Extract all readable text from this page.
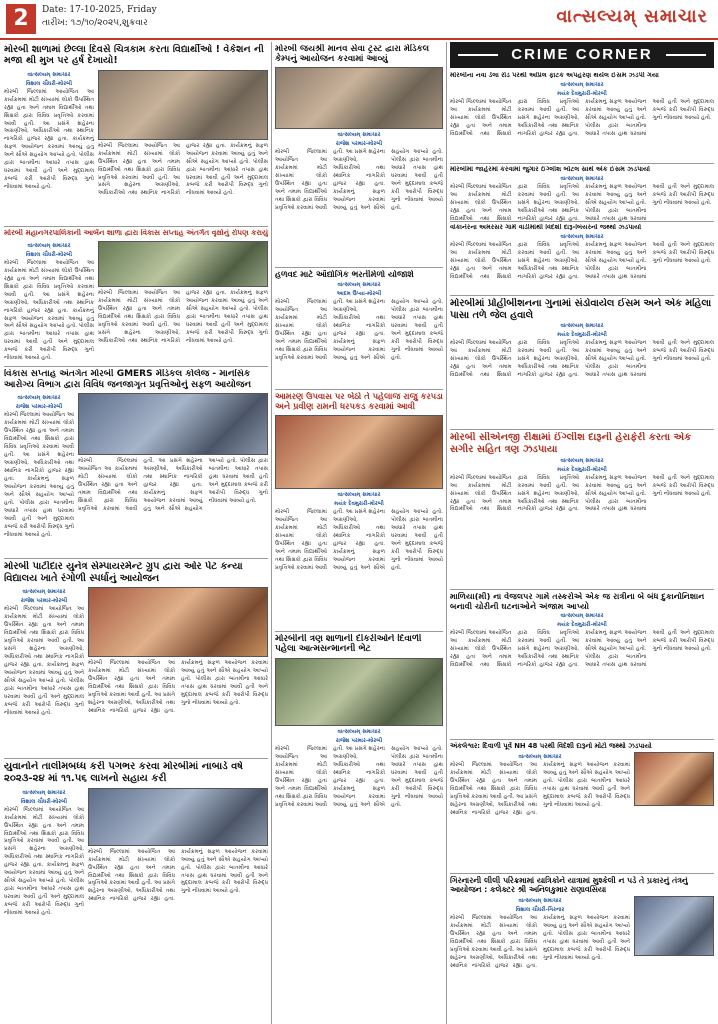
2	Date: 17-10-2025, Friday
તારીખ: ૧૭/૧૦/૨૦૨૫,શુક્રવાર	વાત્સલ્યમ્ સમાચાર
CRIME CORNER
મોરબી શાળામાં છેલ્લા દિવસે ચિત્રકામ કરતા વિદ્યાર્થીઓ ! વેકેશન ની મજા થી મુખ પર હર્ષ દેખાયો!
વાત્સલ્યમ્ સમાચાર
વિશાલ ચૌધરી-મોરબી
મોરબી જિલ્લામાં આયોજિત આ કાર્યક્રમમાં મોટી સંખ્યામાં લોકો ઉપસ્થિત રહ્યા હતા અને તમામ વિદ્યાર્થીઓ તથા શિક્ષકો દ્વારા વિવિધ પ્રવૃત્તિઓ કરવામાં આવી હતી. આ પ્રસંગે શહેરના અગ્રણીઓ, અધિકારીઓ તથા સ્થાનિક નાગરિકો હાજર રહ્યા હતા. કાર્યક્રમનું સફળ આયોજન કરવામાં આવ્યું હતું અને સૌએ સહયોગ આપ્યો હતો. પોલીસ દ્વારા બાતમીના આધારે તપાસ હાથ ધરવામાં આવી હતી અને મુદ્દામાલ કબજે કરી આરોપી વિરુદ્ધ ગુનો નોંધવામાં આવ્યો હતો.
મોરબી જિલ્લામાં આયોજિત આ કાર્યક્રમમાં મોટી સંખ્યામાં લોકો ઉપસ્થિત રહ્યા હતા અને તમામ વિદ્યાર્થીઓ તથા શિક્ષકો દ્વારા વિવિધ પ્રવૃત્તિઓ કરવામાં આવી હતી. આ પ્રસંગે શહેરના અગ્રણીઓ, અધિકારીઓ તથા સ્થાનિક નાગરિકો હાજર રહ્યા હતા. કાર્યક્રમનું સફળ આયોજન કરવામાં આવ્યું હતું અને સૌએ સહયોગ આપ્યો હતો. પોલીસ દ્વારા બાતમીના આધારે તપાસ હાથ ધરવામાં આવી હતી અને મુદ્દામાલ કબજે કરી આરોપી વિરુદ્ધ ગુનો નોંધવામાં આવ્યો હતો.
મોરબી મહાનગરપાલિકાની આર્બન શાળા દ્વારા વિકાસ સપ્તાહ અંતર્ગત વૃક્ષોનું રોપણ કરાયું
વાત્સલ્યમ્ સમાચાર
વિશાલ ચૌધરી-મોરબી
મોરબી જિલ્લામાં આયોજિત આ કાર્યક્રમમાં મોટી સંખ્યામાં લોકો ઉપસ્થિત રહ્યા હતા અને તમામ વિદ્યાર્થીઓ તથા શિક્ષકો દ્વારા વિવિધ પ્રવૃત્તિઓ કરવામાં આવી હતી. આ પ્રસંગે શહેરના અગ્રણીઓ, અધિકારીઓ તથા સ્થાનિક નાગરિકો હાજર રહ્યા હતા. કાર્યક્રમનું સફળ આયોજન કરવામાં આવ્યું હતું અને સૌએ સહયોગ આપ્યો હતો. પોલીસ દ્વારા બાતમીના આધારે તપાસ હાથ ધરવામાં આવી હતી અને મુદ્દામાલ કબજે કરી આરોપી વિરુદ્ધ ગુનો નોંધવામાં આવ્યો હતો.
મોરબી જિલ્લામાં આયોજિત આ કાર્યક્રમમાં મોટી સંખ્યામાં લોકો ઉપસ્થિત રહ્યા હતા અને તમામ વિદ્યાર્થીઓ તથા શિક્ષકો દ્વારા વિવિધ પ્રવૃત્તિઓ કરવામાં આવી હતી. આ પ્રસંગે શહેરના અગ્રણીઓ, અધિકારીઓ તથા સ્થાનિક નાગરિકો હાજર રહ્યા હતા. કાર્યક્રમનું સફળ આયોજન કરવામાં આવ્યું હતું અને સૌએ સહયોગ આપ્યો હતો. પોલીસ દ્વારા બાતમીના આધારે તપાસ હાથ ધરવામાં આવી હતી અને મુદ્દામાલ કબજે કરી આરોપી વિરુદ્ધ ગુનો નોંધવામાં આવ્યો હતો.
વિકાસ સપ્તાહ અંતર્ગત મોરબી GMERS મેડિકલ કોલેજ - માનસિક આરોગ્ય વિભાગ દ્વારા વિવિધ જનજાગૃત પ્રવૃત્તિઓનું સફળ આયોજન
વાત્સલ્યમ્ સમાચાર
રાજેશ પરમાર-મોરબી
મોરબી જિલ્લામાં આયોજિત આ કાર્યક્રમમાં મોટી સંખ્યામાં લોકો ઉપસ્થિત રહ્યા હતા અને તમામ વિદ્યાર્થીઓ તથા શિક્ષકો દ્વારા વિવિધ પ્રવૃત્તિઓ કરવામાં આવી હતી. આ પ્રસંગે શહેરના અગ્રણીઓ, અધિકારીઓ તથા સ્થાનિક નાગરિકો હાજર રહ્યા હતા. કાર્યક્રમનું સફળ આયોજન કરવામાં આવ્યું હતું અને સૌએ સહયોગ આપ્યો હતો. પોલીસ દ્વારા બાતમીના આધારે તપાસ હાથ ધરવામાં આવી હતી અને મુદ્દામાલ કબજે કરી આરોપી વિરુદ્ધ ગુનો નોંધવામાં આવ્યો હતો.
મોરબી જિલ્લામાં આયોજિત આ કાર્યક્રમમાં મોટી સંખ્યામાં લોકો ઉપસ્થિત રહ્યા હતા અને તમામ વિદ્યાર્થીઓ તથા શિક્ષકો દ્વારા વિવિધ પ્રવૃત્તિઓ કરવામાં આવી હતી. આ પ્રસંગે શહેરના અગ્રણીઓ, અધિકારીઓ તથા સ્થાનિક નાગરિકો હાજર રહ્યા હતા. કાર્યક્રમનું સફળ આયોજન કરવામાં આવ્યું હતું અને સૌએ સહયોગ આપ્યો હતો. પોલીસ દ્વારા બાતમીના આધારે તપાસ હાથ ધરવામાં આવી હતી અને મુદ્દામાલ કબજે કરી આરોપી વિરુદ્ધ ગુનો નોંધવામાં આવ્યો હતો.
મોરબી પાટીદાર યુનેત્ર સેમ્પાયરમેન્ટ ગ્રુપ દ્વારા ઓર પેટ કન્યા વિદ્યાલય ખાતે રંગોળી સ્પર્ધાનું આયોજન
વાત્સલ્યમ્ સમાચાર
રાજેશ પરમાર-મોરબી
મોરબી જિલ્લામાં આયોજિત આ કાર્યક્રમમાં મોટી સંખ્યામાં લોકો ઉપસ્થિત રહ્યા હતા અને તમામ વિદ્યાર્થીઓ તથા શિક્ષકો દ્વારા વિવિધ પ્રવૃત્તિઓ કરવામાં આવી હતી. આ પ્રસંગે શહેરના અગ્રણીઓ, અધિકારીઓ તથા સ્થાનિક નાગરિકો હાજર રહ્યા હતા. કાર્યક્રમનું સફળ આયોજન કરવામાં આવ્યું હતું અને સૌએ સહયોગ આપ્યો હતો. પોલીસ દ્વારા બાતમીના આધારે તપાસ હાથ ધરવામાં આવી હતી અને મુદ્દામાલ કબજે કરી આરોપી વિરુદ્ધ ગુનો નોંધવામાં આવ્યો હતો.
મોરબી જિલ્લામાં આયોજિત આ કાર્યક્રમમાં મોટી સંખ્યામાં લોકો ઉપસ્થિત રહ્યા હતા અને તમામ વિદ્યાર્થીઓ તથા શિક્ષકો દ્વારા વિવિધ પ્રવૃત્તિઓ કરવામાં આવી હતી. આ પ્રસંગે શહેરના અગ્રણીઓ, અધિકારીઓ તથા સ્થાનિક નાગરિકો હાજર રહ્યા હતા. કાર્યક્રમનું સફળ આયોજન કરવામાં આવ્યું હતું અને સૌએ સહયોગ આપ્યો હતો. પોલીસ દ્વારા બાતમીના આધારે તપાસ હાથ ધરવામાં આવી હતી અને મુદ્દામાલ કબજે કરી આરોપી વિરુદ્ધ ગુનો નોંધવામાં આવ્યો હતો.
યુવાનોને તાલીમબધ્ધ કરી પગભર કરવા મોરબીમાં નાબાર્ડ વર્ષ ૨૦૨૩-૨૪ માં ૧૧.૫૬ લાખનો સહાય કરી
વાત્સલ્યમ્ સમાચાર
વિશાલ ચૌધરી-મોરબી
મોરબી જિલ્લામાં આયોજિત આ કાર્યક્રમમાં મોટી સંખ્યામાં લોકો ઉપસ્થિત રહ્યા હતા અને તમામ વિદ્યાર્થીઓ તથા શિક્ષકો દ્વારા વિવિધ પ્રવૃત્તિઓ કરવામાં આવી હતી. આ પ્રસંગે શહેરના અગ્રણીઓ, અધિકારીઓ તથા સ્થાનિક નાગરિકો હાજર રહ્યા હતા. કાર્યક્રમનું સફળ આયોજન કરવામાં આવ્યું હતું અને સૌએ સહયોગ આપ્યો હતો. પોલીસ દ્વારા બાતમીના આધારે તપાસ હાથ ધરવામાં આવી હતી અને મુદ્દામાલ કબજે કરી આરોપી વિરુદ્ધ ગુનો નોંધવામાં આવ્યો હતો.
મોરબી જિલ્લામાં આયોજિત આ કાર્યક્રમમાં મોટી સંખ્યામાં લોકો ઉપસ્થિત રહ્યા હતા અને તમામ વિદ્યાર્થીઓ તથા શિક્ષકો દ્વારા વિવિધ પ્રવૃત્તિઓ કરવામાં આવી હતી. આ પ્રસંગે શહેરના અગ્રણીઓ, અધિકારીઓ તથા સ્થાનિક નાગરિકો હાજર રહ્યા હતા. કાર્યક્રમનું સફળ આયોજન કરવામાં આવ્યું હતું અને સૌએ સહયોગ આપ્યો હતો. પોલીસ દ્વારા બાતમીના આધારે તપાસ હાથ ધરવામાં આવી હતી અને મુદ્દામાલ કબજે કરી આરોપી વિરુદ્ધ ગુનો નોંધવામાં આવ્યો હતો.
મોરબી જયશ્રી માનવ સેવા ટ્રસ્ટ દ્વારા મેડિકલ કેમ્પનું આયોજન કરવામાં આવ્યું
વાત્સલ્યમ્ સમાચાર
રાજેશ પરમાર-મોરબી
મોરબી જિલ્લામાં આયોજિત આ કાર્યક્રમમાં મોટી સંખ્યામાં લોકો ઉપસ્થિત રહ્યા હતા અને તમામ વિદ્યાર્થીઓ તથા શિક્ષકો દ્વારા વિવિધ પ્રવૃત્તિઓ કરવામાં આવી હતી. આ પ્રસંગે શહેરના અગ્રણીઓ, અધિકારીઓ તથા સ્થાનિક નાગરિકો હાજર રહ્યા હતા. કાર્યક્રમનું સફળ આયોજન કરવામાં આવ્યું હતું અને સૌએ સહયોગ આપ્યો હતો. પોલીસ દ્વારા બાતમીના આધારે તપાસ હાથ ધરવામાં આવી હતી અને મુદ્દામાલ કબજે કરી આરોપી વિરુદ્ધ ગુનો નોંધવામાં આવ્યો હતો.
હળવદ માટે ઔદ્યોગિક ભરતીમેળો યોજાશે
વાત્સલ્યમ્ સમાચાર
આદમ ઉપ્યા-મોરબી
મોરબી જિલ્લામાં આયોજિત આ કાર્યક્રમમાં મોટી સંખ્યામાં લોકો ઉપસ્થિત રહ્યા હતા અને તમામ વિદ્યાર્થીઓ તથા શિક્ષકો દ્વારા વિવિધ પ્રવૃત્તિઓ કરવામાં આવી હતી. આ પ્રસંગે શહેરના અગ્રણીઓ, અધિકારીઓ તથા સ્થાનિક નાગરિકો હાજર રહ્યા હતા. કાર્યક્રમનું સફળ આયોજન કરવામાં આવ્યું હતું અને સૌએ સહયોગ આપ્યો હતો. પોલીસ દ્વારા બાતમીના આધારે તપાસ હાથ ધરવામાં આવી હતી અને મુદ્દામાલ કબજે કરી આરોપી વિરુદ્ધ ગુનો નોંધવામાં આવ્યો હતો.
આમરણ ઉપવાસ પર બેઠો તે પહેલાજ રાજુ કરપડા અને પ્રવીણ રામની ધરપકડ કરવામાં આવી
વાત્સલ્યમ્ સમાચાર
મયંક દેવમુરારી-મોરબી
મોરબી જિલ્લામાં આયોજિત આ કાર્યક્રમમાં મોટી સંખ્યામાં લોકો ઉપસ્થિત રહ્યા હતા અને તમામ વિદ્યાર્થીઓ તથા શિક્ષકો દ્વારા વિવિધ પ્રવૃત્તિઓ કરવામાં આવી હતી. આ પ્રસંગે શહેરના અગ્રણીઓ, અધિકારીઓ તથા સ્થાનિક નાગરિકો હાજર રહ્યા હતા. કાર્યક્રમનું સફળ આયોજન કરવામાં આવ્યું હતું અને સૌએ સહયોગ આપ્યો હતો. પોલીસ દ્વારા બાતમીના આધારે તપાસ હાથ ધરવામાં આવી હતી અને મુદ્દામાલ કબજે કરી આરોપી વિરુદ્ધ ગુનો નોંધવામાં આવ્યો હતો.
મોરબીની ત્રણ શાળાની દીકરીઓને દિવાળી પહેલા આત્મસન્માનની ભેટ
વાત્સલ્યમ્ સમાચાર
રાજેશ પરમાર-મોરબી
મોરબી જિલ્લામાં આયોજિત આ કાર્યક્રમમાં મોટી સંખ્યામાં લોકો ઉપસ્થિત રહ્યા હતા અને તમામ વિદ્યાર્થીઓ તથા શિક્ષકો દ્વારા વિવિધ પ્રવૃત્તિઓ કરવામાં આવી હતી. આ પ્રસંગે શહેરના અગ્રણીઓ, અધિકારીઓ તથા સ્થાનિક નાગરિકો હાજર રહ્યા હતા. કાર્યક્રમનું સફળ આયોજન કરવામાં આવ્યું હતું અને સૌએ સહયોગ આપ્યો હતો. પોલીસ દ્વારા બાતમીના આધારે તપાસ હાથ ધરવામાં આવી હતી અને મુદ્દામાલ કબજે કરી આરોપી વિરુદ્ધ ગુનો નોંધવામાં આવ્યો હતો.
મોરબીના નવા ડેલા રોડ પરથી અપ્રિલ ફાટક અપહરણ થયેલ ઈસમ ઝડપી ગયા
વાત્સલ્યમ્ સમાચાર
મયંક દેવમુરારી-મોરબી
મોરબી જિલ્લામાં આયોજિત આ કાર્યક્રમમાં મોટી સંખ્યામાં લોકો ઉપસ્થિત રહ્યા હતા અને તમામ વિદ્યાર્થીઓ તથા શિક્ષકો દ્વારા વિવિધ પ્રવૃત્તિઓ કરવામાં આવી હતી. આ પ્રસંગે શહેરના અગ્રણીઓ, અધિકારીઓ તથા સ્થાનિક નાગરિકો હાજર રહ્યા હતા. કાર્યક્રમનું સફળ આયોજન કરવામાં આવ્યું હતું અને સૌએ સહયોગ આપ્યો હતો. પોલીસ દ્વારા બાતમીના આધારે તપાસ હાથ ધરવામાં આવી હતી અને મુદ્દામાલ કબજે કરી આરોપી વિરુદ્ધ ગુનો નોંધવામાં આવ્યો હતો.
મોરબીમાં જાહેરમાં કરવામાં જુગાર ઈંગ્લીશ બોટલ સાથે એક ઈસમ ઝડપાયો
વાત્સલ્યમ્ સમાચાર
મોરબી જિલ્લામાં આયોજિત આ કાર્યક્રમમાં મોટી સંખ્યામાં લોકો ઉપસ્થિત રહ્યા હતા અને તમામ વિદ્યાર્થીઓ તથા શિક્ષકો દ્વારા વિવિધ પ્રવૃત્તિઓ કરવામાં આવી હતી. આ પ્રસંગે શહેરના અગ્રણીઓ, અધિકારીઓ તથા સ્થાનિક નાગરિકો હાજર રહ્યા હતા. કાર્યક્રમનું સફળ આયોજન કરવામાં આવ્યું હતું અને સૌએ સહયોગ આપ્યો હતો. પોલીસ દ્વારા બાતમીના આધારે તપાસ હાથ ધરવામાં આવી હતી અને મુદ્દામાલ કબજે કરી આરોપી વિરુદ્ધ ગુનો નોંધવામાં આવ્યો હતો.
વાંકાનેરના અમરસર ગામે વાડીમાંથી વિદેશી દારૂ-બિયરનો જથ્થો ઝડપાયો
વાત્સલ્યમ્ સમાચાર
મોરબી જિલ્લામાં આયોજિત આ કાર્યક્રમમાં મોટી સંખ્યામાં લોકો ઉપસ્થિત રહ્યા હતા અને તમામ વિદ્યાર્થીઓ તથા શિક્ષકો દ્વારા વિવિધ પ્રવૃત્તિઓ કરવામાં આવી હતી. આ પ્રસંગે શહેરના અગ્રણીઓ, અધિકારીઓ તથા સ્થાનિક નાગરિકો હાજર રહ્યા હતા. કાર્યક્રમનું સફળ આયોજન કરવામાં આવ્યું હતું અને સૌએ સહયોગ આપ્યો હતો. પોલીસ દ્વારા બાતમીના આધારે તપાસ હાથ ધરવામાં આવી હતી અને મુદ્દામાલ કબજે કરી આરોપી વિરુદ્ધ ગુનો નોંધવામાં આવ્યો હતો.
મોરબીમાં પ્રોહીબીશનના ગુનામાં સંડોવાયેલ ઈસમ અને એક મહિલા પાસા તળે જેલ હવાલે
વાત્સલ્યમ્ સમાચાર
મયંક દેવમુરારી-મોરબી
મોરબી જિલ્લામાં આયોજિત આ કાર્યક્રમમાં મોટી સંખ્યામાં લોકો ઉપસ્થિત રહ્યા હતા અને તમામ વિદ્યાર્થીઓ તથા શિક્ષકો દ્વારા વિવિધ પ્રવૃત્તિઓ કરવામાં આવી હતી. આ પ્રસંગે શહેરના અગ્રણીઓ, અધિકારીઓ તથા સ્થાનિક નાગરિકો હાજર રહ્યા હતા. કાર્યક્રમનું સફળ આયોજન કરવામાં આવ્યું હતું અને સૌએ સહયોગ આપ્યો હતો. પોલીસ દ્વારા બાતમીના આધારે તપાસ હાથ ધરવામાં આવી હતી અને મુદ્દામાલ કબજે કરી આરોપી વિરુદ્ધ ગુનો નોંધવામાં આવ્યો હતો.
મોરબી સીએનજી રીક્ષામાં ઈંગ્લીશ દારૂની હેરાફેરી કરતા એક સગીર સહિત ત્રણ ઝડપાયા
વાત્સલ્યમ્ સમાચાર
મયંક દેવમુરારી-મોરબી
મોરબી જિલ્લામાં આયોજિત આ કાર્યક્રમમાં મોટી સંખ્યામાં લોકો ઉપસ્થિત રહ્યા હતા અને તમામ વિદ્યાર્થીઓ તથા શિક્ષકો દ્વારા વિવિધ પ્રવૃત્તિઓ કરવામાં આવી હતી. આ પ્રસંગે શહેરના અગ્રણીઓ, અધિકારીઓ તથા સ્થાનિક નાગરિકો હાજર રહ્યા હતા. કાર્યક્રમનું સફળ આયોજન કરવામાં આવ્યું હતું અને સૌએ સહયોગ આપ્યો હતો. પોલીસ દ્વારા બાતમીના આધારે તપાસ હાથ ધરવામાં આવી હતી અને મુદ્દામાલ કબજે કરી આરોપી વિરુદ્ધ ગુનો નોંધવામાં આવ્યો હતો.
માળિયા(મી) ના વેજલપર ગામે તસ્કરોએ એક જ રાત્રીના બે બંધ દુકાનોનિશાન બનાવી ચોરીની ઘટનાઓને અંજામ આપ્યો
વાત્સલ્યમ્ સમાચાર
મયંક દેવમુરારી-મોરબી
મોરબી જિલ્લામાં આયોજિત આ કાર્યક્રમમાં મોટી સંખ્યામાં લોકો ઉપસ્થિત રહ્યા હતા અને તમામ વિદ્યાર્થીઓ તથા શિક્ષકો દ્વારા વિવિધ પ્રવૃત્તિઓ કરવામાં આવી હતી. આ પ્રસંગે શહેરના અગ્રણીઓ, અધિકારીઓ તથા સ્થાનિક નાગરિકો હાજર રહ્યા હતા. કાર્યક્રમનું સફળ આયોજન કરવામાં આવ્યું હતું અને સૌએ સહયોગ આપ્યો હતો. પોલીસ દ્વારા બાતમીના આધારે તપાસ હાથ ધરવામાં આવી હતી અને મુદ્દામાલ કબજે કરી આરોપી વિરુદ્ધ ગુનો નોંધવામાં આવ્યો હતો.
અંકલેશ્વર: દિવાળી પૂર્વે NH 48 પરથી વિદેશી દારૂનો મોટો જથ્થો ઝડપાયો
વાત્સલ્યમ્ સમાચાર
મોરબી જિલ્લામાં આયોજિત આ કાર્યક્રમમાં મોટી સંખ્યામાં લોકો ઉપસ્થિત રહ્યા હતા અને તમામ વિદ્યાર્થીઓ તથા શિક્ષકો દ્વારા વિવિધ પ્રવૃત્તિઓ કરવામાં આવી હતી. આ પ્રસંગે શહેરના અગ્રણીઓ, અધિકારીઓ તથા સ્થાનિક નાગરિકો હાજર રહ્યા હતા. કાર્યક્રમનું સફળ આયોજન કરવામાં આવ્યું હતું અને સૌએ સહયોગ આપ્યો હતો. પોલીસ દ્વારા બાતમીના આધારે તપાસ હાથ ધરવામાં આવી હતી અને મુદ્દામાલ કબજે કરી આરોપી વિરુદ્ધ ગુનો નોંધવામાં આવ્યો હતો.
ગિરનારની લીલી પરિક્રમામાં યાત્રિકોને યાત્રામાં મુશ્કેલી ન પડે તે પ્રકારનું તંત્રનું આયોજન : કલેક્ટર શ્રી અનિલકુમાર રાણાવસિયા
વાત્સલ્યમ્ સમાચાર
વિશાલ ચૌધરી-ગિરનાર
મોરબી જિલ્લામાં આયોજિત આ કાર્યક્રમમાં મોટી સંખ્યામાં લોકો ઉપસ્થિત રહ્યા હતા અને તમામ વિદ્યાર્થીઓ તથા શિક્ષકો દ્વારા વિવિધ પ્રવૃત્તિઓ કરવામાં આવી હતી. આ પ્રસંગે શહેરના અગ્રણીઓ, અધિકારીઓ તથા સ્થાનિક નાગરિકો હાજર રહ્યા હતા. કાર્યક્રમનું સફળ આયોજન કરવામાં આવ્યું હતું અને સૌએ સહયોગ આપ્યો હતો. પોલીસ દ્વારા બાતમીના આધારે તપાસ હાથ ધરવામાં આવી હતી અને મુદ્દામાલ કબજે કરી આરોપી વિરુદ્ધ ગુનો નોંધવામાં આવ્યો હતો.
